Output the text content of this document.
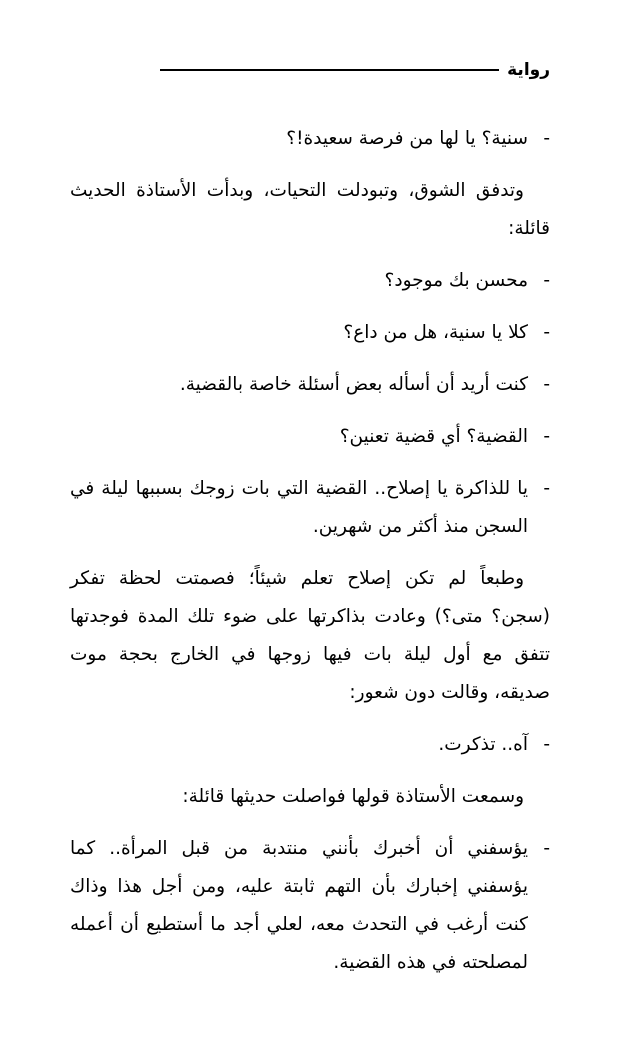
رواية

-
سنية؟ يا لها من فرصة سعيدة!؟

وتدفق الشوق، وتبودلت التحيات، وبدأت الأستاذة الحديث قائلة:

-
محسن بك موجود؟

-
كلا يا سنية، هل من داع؟

-
كنت أريد أن أسأله بعض أسئلة خاصة بالقضية.

-
القضية؟ أي قضية تعنين؟

-
يا للذاكرة يا إصلاح.. القضية التي بات زوجك بسببها ليلة في السجن منذ أكثر من شهرين.

وطبعاً لم تكن إصلاح تعلم شيئاً؛ فصمتت لحظة تفكر (سجن؟ متى؟) وعادت بذاكرتها على ضوء تلك المدة فوجدتها تتفق مع أول ليلة بات فيها زوجها في الخارج بحجة موت صديقه، وقالت دون شعور:

-
آه.. تذكرت.

وسمعت الأستاذة قولها فواصلت حديثها قائلة:

-
يؤسفني أن أخبرك بأنني منتدبة من قبل المرأة.. كما يؤسفني إخبارك بأن التهم ثابتة عليه، ومن أجل هذا وذاك كنت أرغب في التحدث معه، لعلي أجد ما أستطيع أن أعمله لمصلحته في هذه القضية.
